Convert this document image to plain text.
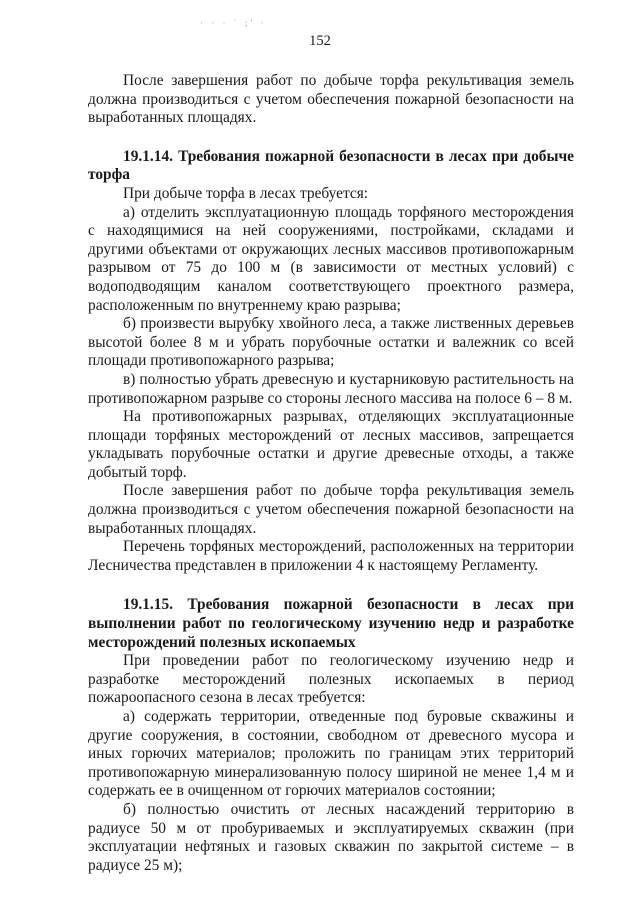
· · · ˙ ;ʹ ·
152

После завершения работ по добыче торфа рекультивация земель должна производиться с учетом обеспечения пожарной безопасности на выработанных площадях.

19.1.14. Требования пожарной безопасности в лесах при добыче торфа

При добыче торфа в лесах требуется:

а) отделить эксплуатационную площадь торфяного месторождения с находящимися на ней сооружениями, постройками, складами и другими объектами от окружающих лесных массивов противопожарным разрывом от 75 до 100 м (в зависимости от местных условий) с водоподводящим каналом соответствующего проектного размера, расположенным по внутреннему краю разрыва;

б) произвести вырубку хвойного леса, а также лиственных деревьев высотой более 8 м и убрать порубочные остатки и валежник со всей площади противопожарного разрыва;

в) полностью убрать древесную и кустарниковую растительность на противопожарном разрыве со стороны лесного массива на полосе 6 – 8 м.

На противопожарных разрывах, отделяющих эксплуатационные площади торфяных месторождений от лесных массивов, запрещается укладывать порубочные остатки и другие древесные отходы, а также добытый торф.

После завершения работ по добыче торфа рекультивация земель должна производиться с учетом обеспечения пожарной безопасности на выработанных площадях.

Перечень торфяных месторождений, расположенных на территории Лесничества представлен в приложении 4 к настоящему Регламенту.

19.1.15. Требования пожарной безопасности в лесах при выполнении работ по геологическому изучению недр и разработке месторождений полезных ископаемых

При проведении работ по геологическому изучению недр и разработке месторождений полезных ископаемых в период пожароопасного сезона в лесах требуется:

а) содержать территории, отведенные под буровые скважины и другие сооружения, в состоянии, свободном от древесного мусора и иных горючих материалов; проложить по границам этих территорий противопожарную минерализованную полосу шириной не менее 1,4 м и содержать ее в очищенном от горючих материалов состоянии;

б) полностью очистить от лесных насаждений территорию в радиусе 50 м от пробуриваемых и эксплуатируемых скважин (при эксплуатации нефтяных и газовых скважин по закрытой системе – в радиусе 25 м);
